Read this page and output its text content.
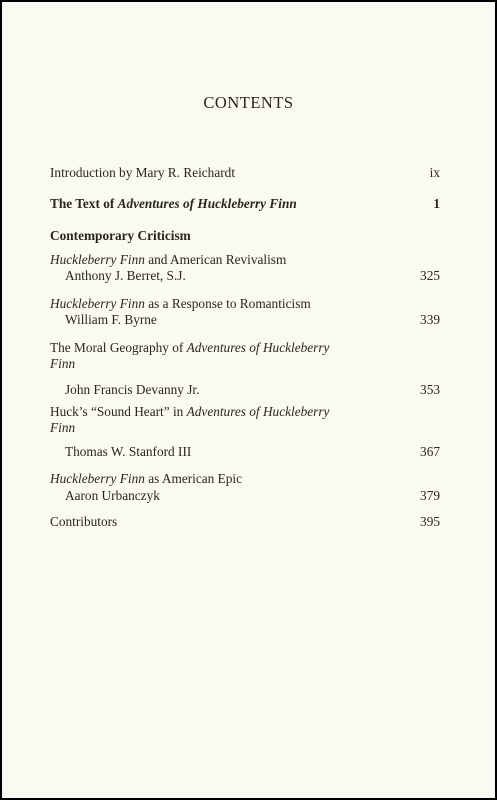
CONTENTS
Introduction by Mary R. Reichardt	ix
The Text of Adventures of Huckleberry Finn	1
Contemporary Criticism
Huckleberry Finn and American Revivalism
Anthony J. Berret, S.J.	325
Huckleberry Finn as a Response to Romanticism
William F. Byrne	339
The Moral Geography of Adventures of Huckleberry
Finn
John Francis Devanny Jr.	353
Huck’s “Sound Heart” in Adventures of Huckleberry
Finn
Thomas W. Stanford III	367
Huckleberry Finn as American Epic
Aaron Urbanczyk	379
Contributors	395
